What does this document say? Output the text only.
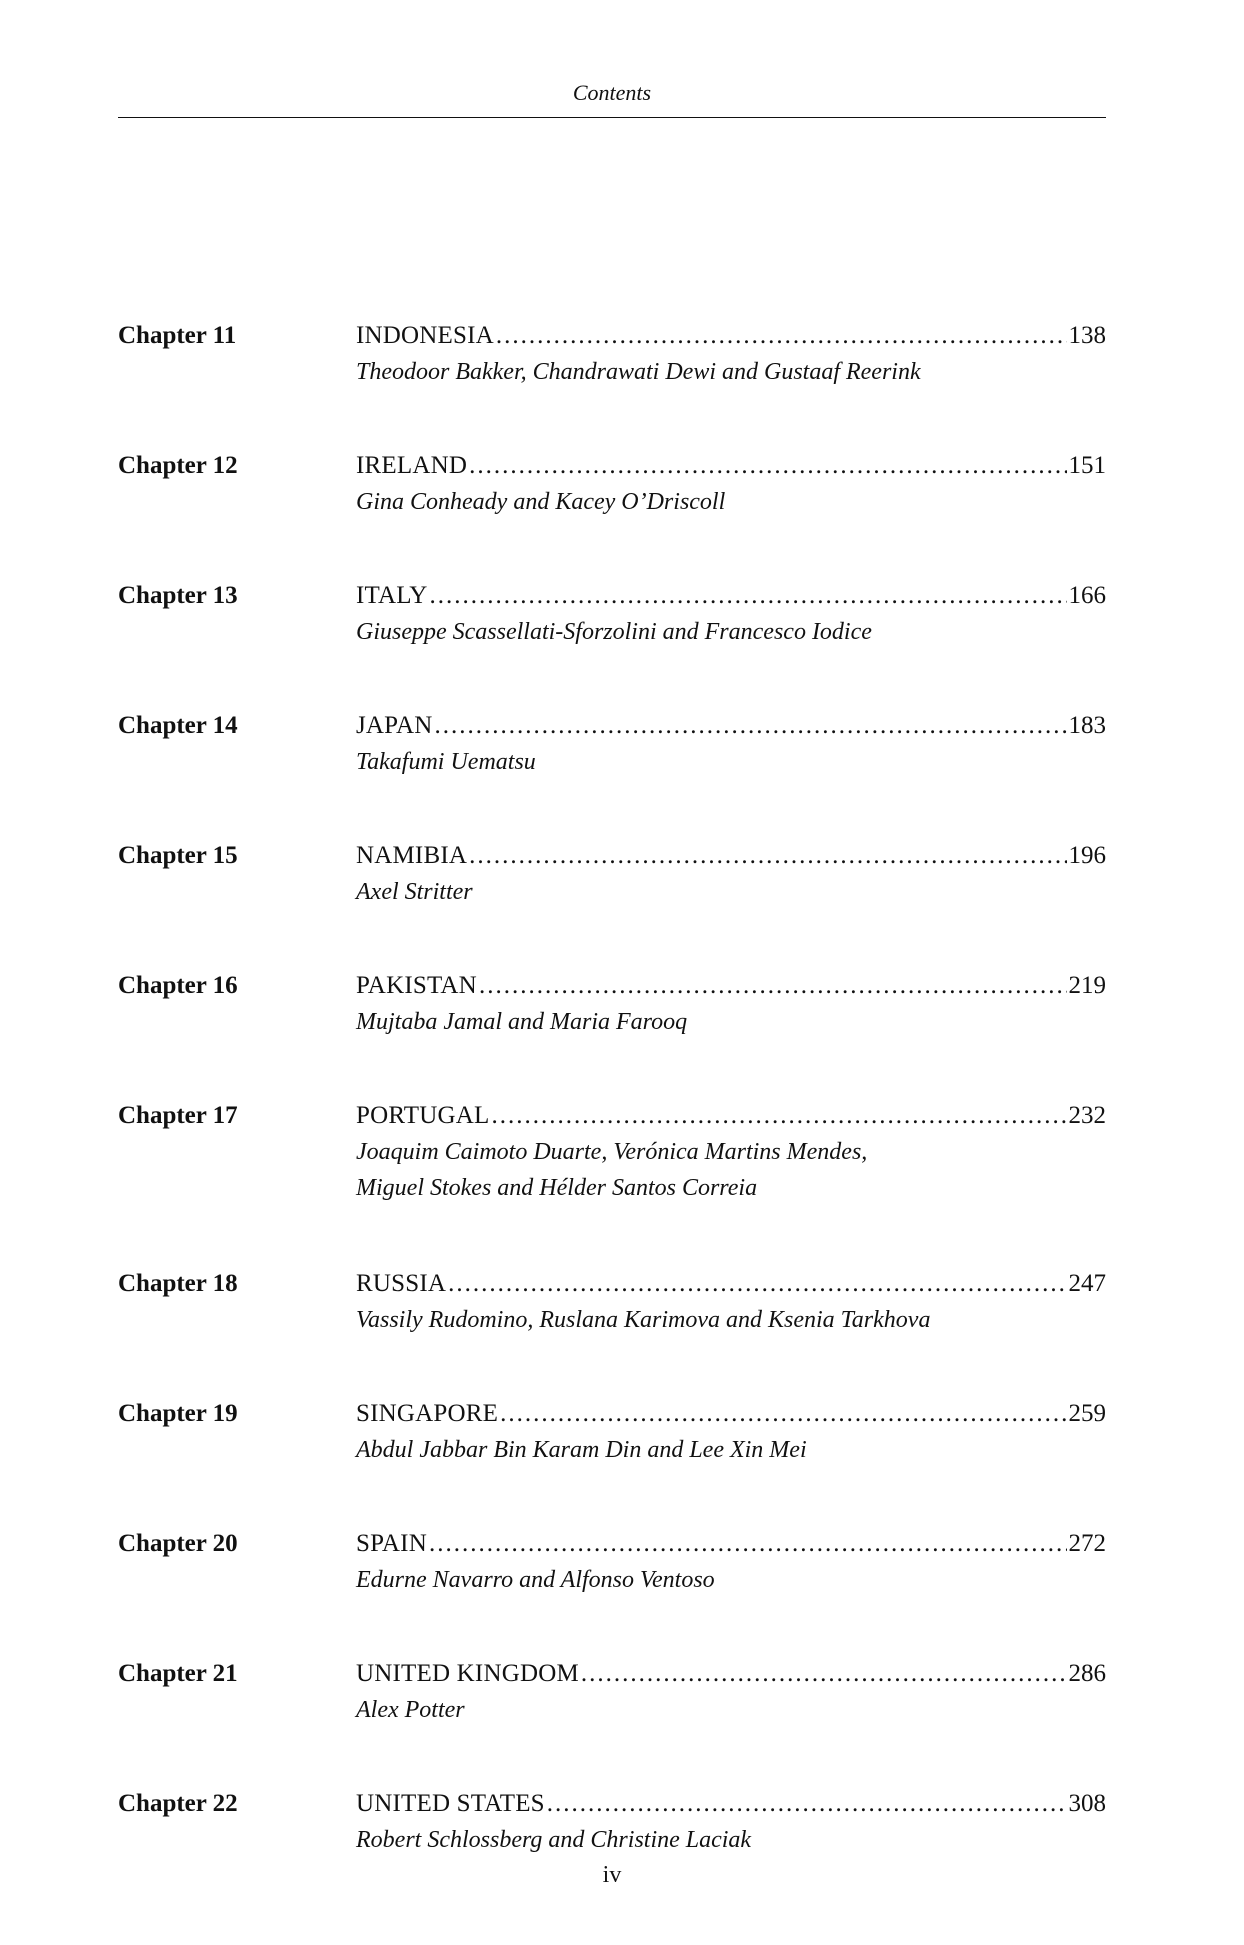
Contents
Chapter 11	INDONESIA .....	138
Theodoor Bakker, Chandrawati Dewi and Gustaaf Reerink
Chapter 12	IRELAND .....	151
Gina Conheady and Kacey O’Driscoll
Chapter 13	ITALY .....	166
Giuseppe Scassellati-Sforzolini and Francesco Iodice
Chapter 14	JAPAN .....	183
Takafumi Uematsu
Chapter 15	NAMIBIA .....	196
Axel Stritter
Chapter 16	PAKISTAN .....	219
Mujtaba Jamal and Maria Farooq
Chapter 17	PORTUGAL .....	232
Joaquim Caimoto Duarte, Verónica Martins Mendes,
Miguel Stokes and Hélder Santos Correia
Chapter 18	RUSSIA .....	247
Vassily Rudomino, Ruslana Karimova and Ksenia Tarkhova
Chapter 19	SINGAPORE .....	259
Abdul Jabbar Bin Karam Din and Lee Xin Mei
Chapter 20	SPAIN .....	272
Edurne Navarro and Alfonso Ventoso
Chapter 21	UNITED KINGDOM .....	286
Alex Potter
Chapter 22	UNITED STATES .....	308
Robert Schlossberg and Christine Laciak
iv
